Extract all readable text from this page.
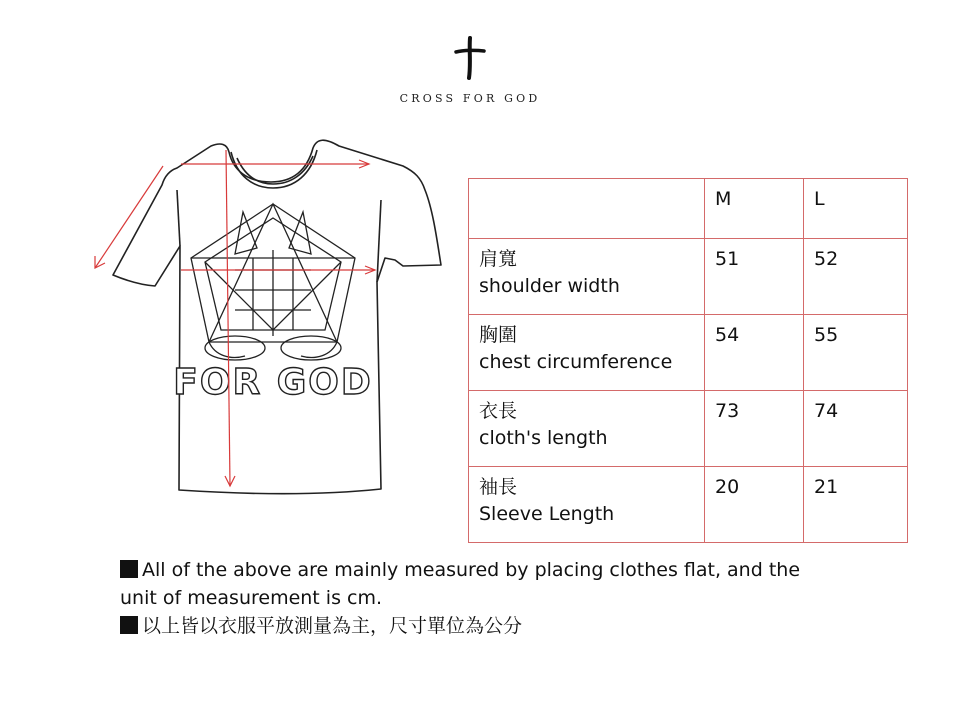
CROSS FOR GOD
FOR GOD
	M	L

肩寬
shoulder width	51	52

胸圍
chest circumference	54	55

衣長
cloth's length	73	74

袖長
Sleeve Length	20	21
All of the above are mainly measured by placing clothes flat, and the
unit of measurement is cm.
以上皆以衣服平放測量為主，尺寸單位為公分
